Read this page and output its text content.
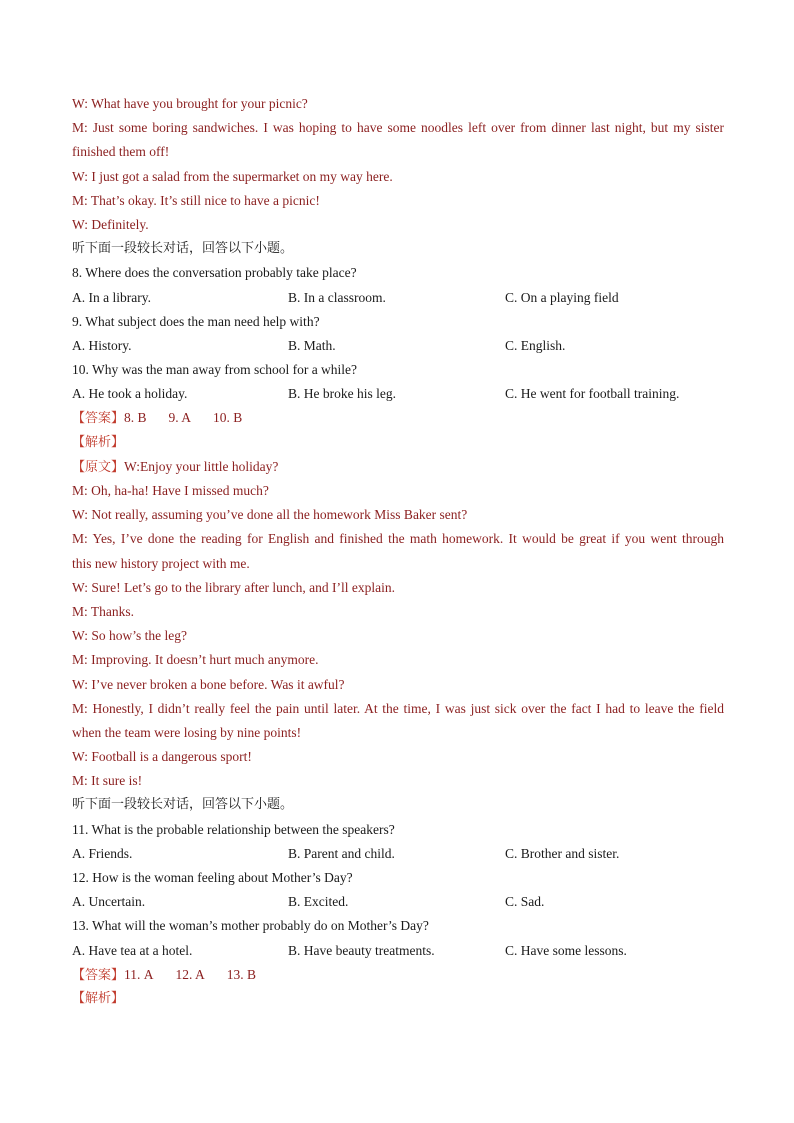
W: What have you brought for your picnic?
M: Just some boring sandwiches. I was hoping to have some noodles left over from dinner last night, but my sister
finished them off!
W: I just got a salad from the supermarket on my way here.
M: That’s okay. It’s still nice to have a picnic!
W: Definitely.
听下面一段较长对话，回答以下小题。
8. Where does the conversation probably take place?
A. In a library.	B. In a classroom.	C. On a playing field
9. What subject does the man need help with?
A. History.	B. Math.	C. English.
10. Why was the man away from school for a while?
A. He took a holiday.	B. He broke his leg.	C. He went for football training.
【答案】8. B 9. A 10. B
【解析】
【原文】W:Enjoy your little holiday?
M: Oh, ha-ha! Have I missed much?
W: Not really, assuming you’ve done all the homework Miss Baker sent?
M: Yes, I’ve done the reading for English and finished the math homework. It would be great if you went through
this new history project with me.
W: Sure! Let’s go to the library after lunch, and I’ll explain.
M: Thanks.
W: So how’s the leg?
M: Improving. It doesn’t hurt much anymore.
W: I’ve never broken a bone before. Was it awful?
M: Honestly, I didn’t really feel the pain until later. At the time, I was just sick over the fact I had to leave the field
when the team were losing by nine points!
W: Football is a dangerous sport!
M: It sure is!
听下面一段较长对话，回答以下小题。
11. What is the probable relationship between the speakers?
A. Friends.	B. Parent and child.	C. Brother and sister.
12. How is the woman feeling about Mother’s Day?
A. Uncertain.	B. Excited.	C. Sad.
13. What will the woman’s mother probably do on Mother’s Day?
A. Have tea at a hotel.	B. Have beauty treatments.	C. Have some lessons.
【答案】11. A 12. A 13. B
【解析】
